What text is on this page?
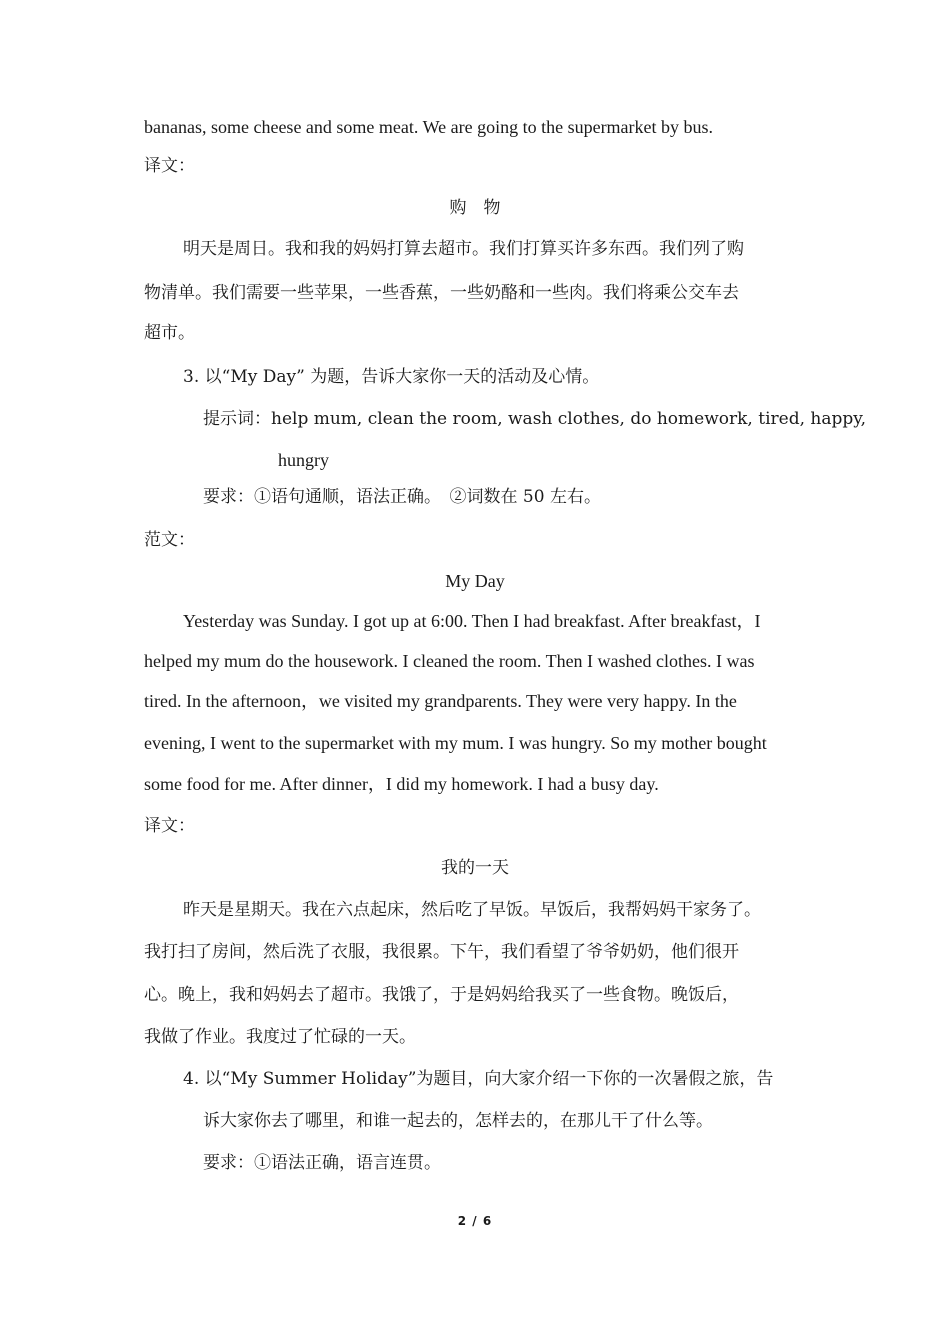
bananas, some cheese and some meat. We are going to the supermarket by bus.
译文：
购　物
明天是周日。我和我的妈妈打算去超市。我们打算买许多东西。我们列了购
物清单。我们需要一些苹果，一些香蕉，一些奶酪和一些肉。我们将乘公交车去
超市。
3. 以“My Day” 为题，告诉大家你一天的活动及心情。
提示词：help mum, clean the room, wash clothes, do homework, tired, happy,
hungry
要求：①语句通顺，语法正确。　②词数在 50 左右。
范文：
My Day
Yesterday was Sunday. I got up at 6:00. Then I had breakfast. After breakfast，I
helped my mum do the housework. I cleaned the room. Then I washed clothes. I was
tired. In the afternoon，we visited my grandparents. They were very happy. In the
evening, I went to the supermarket with my mum. I was hungry. So my mother bought
some food for me. After dinner，I did my homework. I had a busy day.
译文：
我的一天
昨天是星期天。我在六点起床，然后吃了早饭。早饭后，我帮妈妈干家务了。
我打扫了房间，然后洗了衣服，我很累。下午，我们看望了爷爷奶奶，他们很开
心。晚上，我和妈妈去了超市。我饿了，于是妈妈给我买了一些食物。晚饭后，
我做了作业。我度过了忙碌的一天。
4. 以“My Summer Holiday”为题目，向大家介绍一下你的一次暑假之旅，告
诉大家你去了哪里，和谁一起去的，怎样去的，在那儿干了什么等。
要求：①语法正确，语言连贯。
2 / 6
